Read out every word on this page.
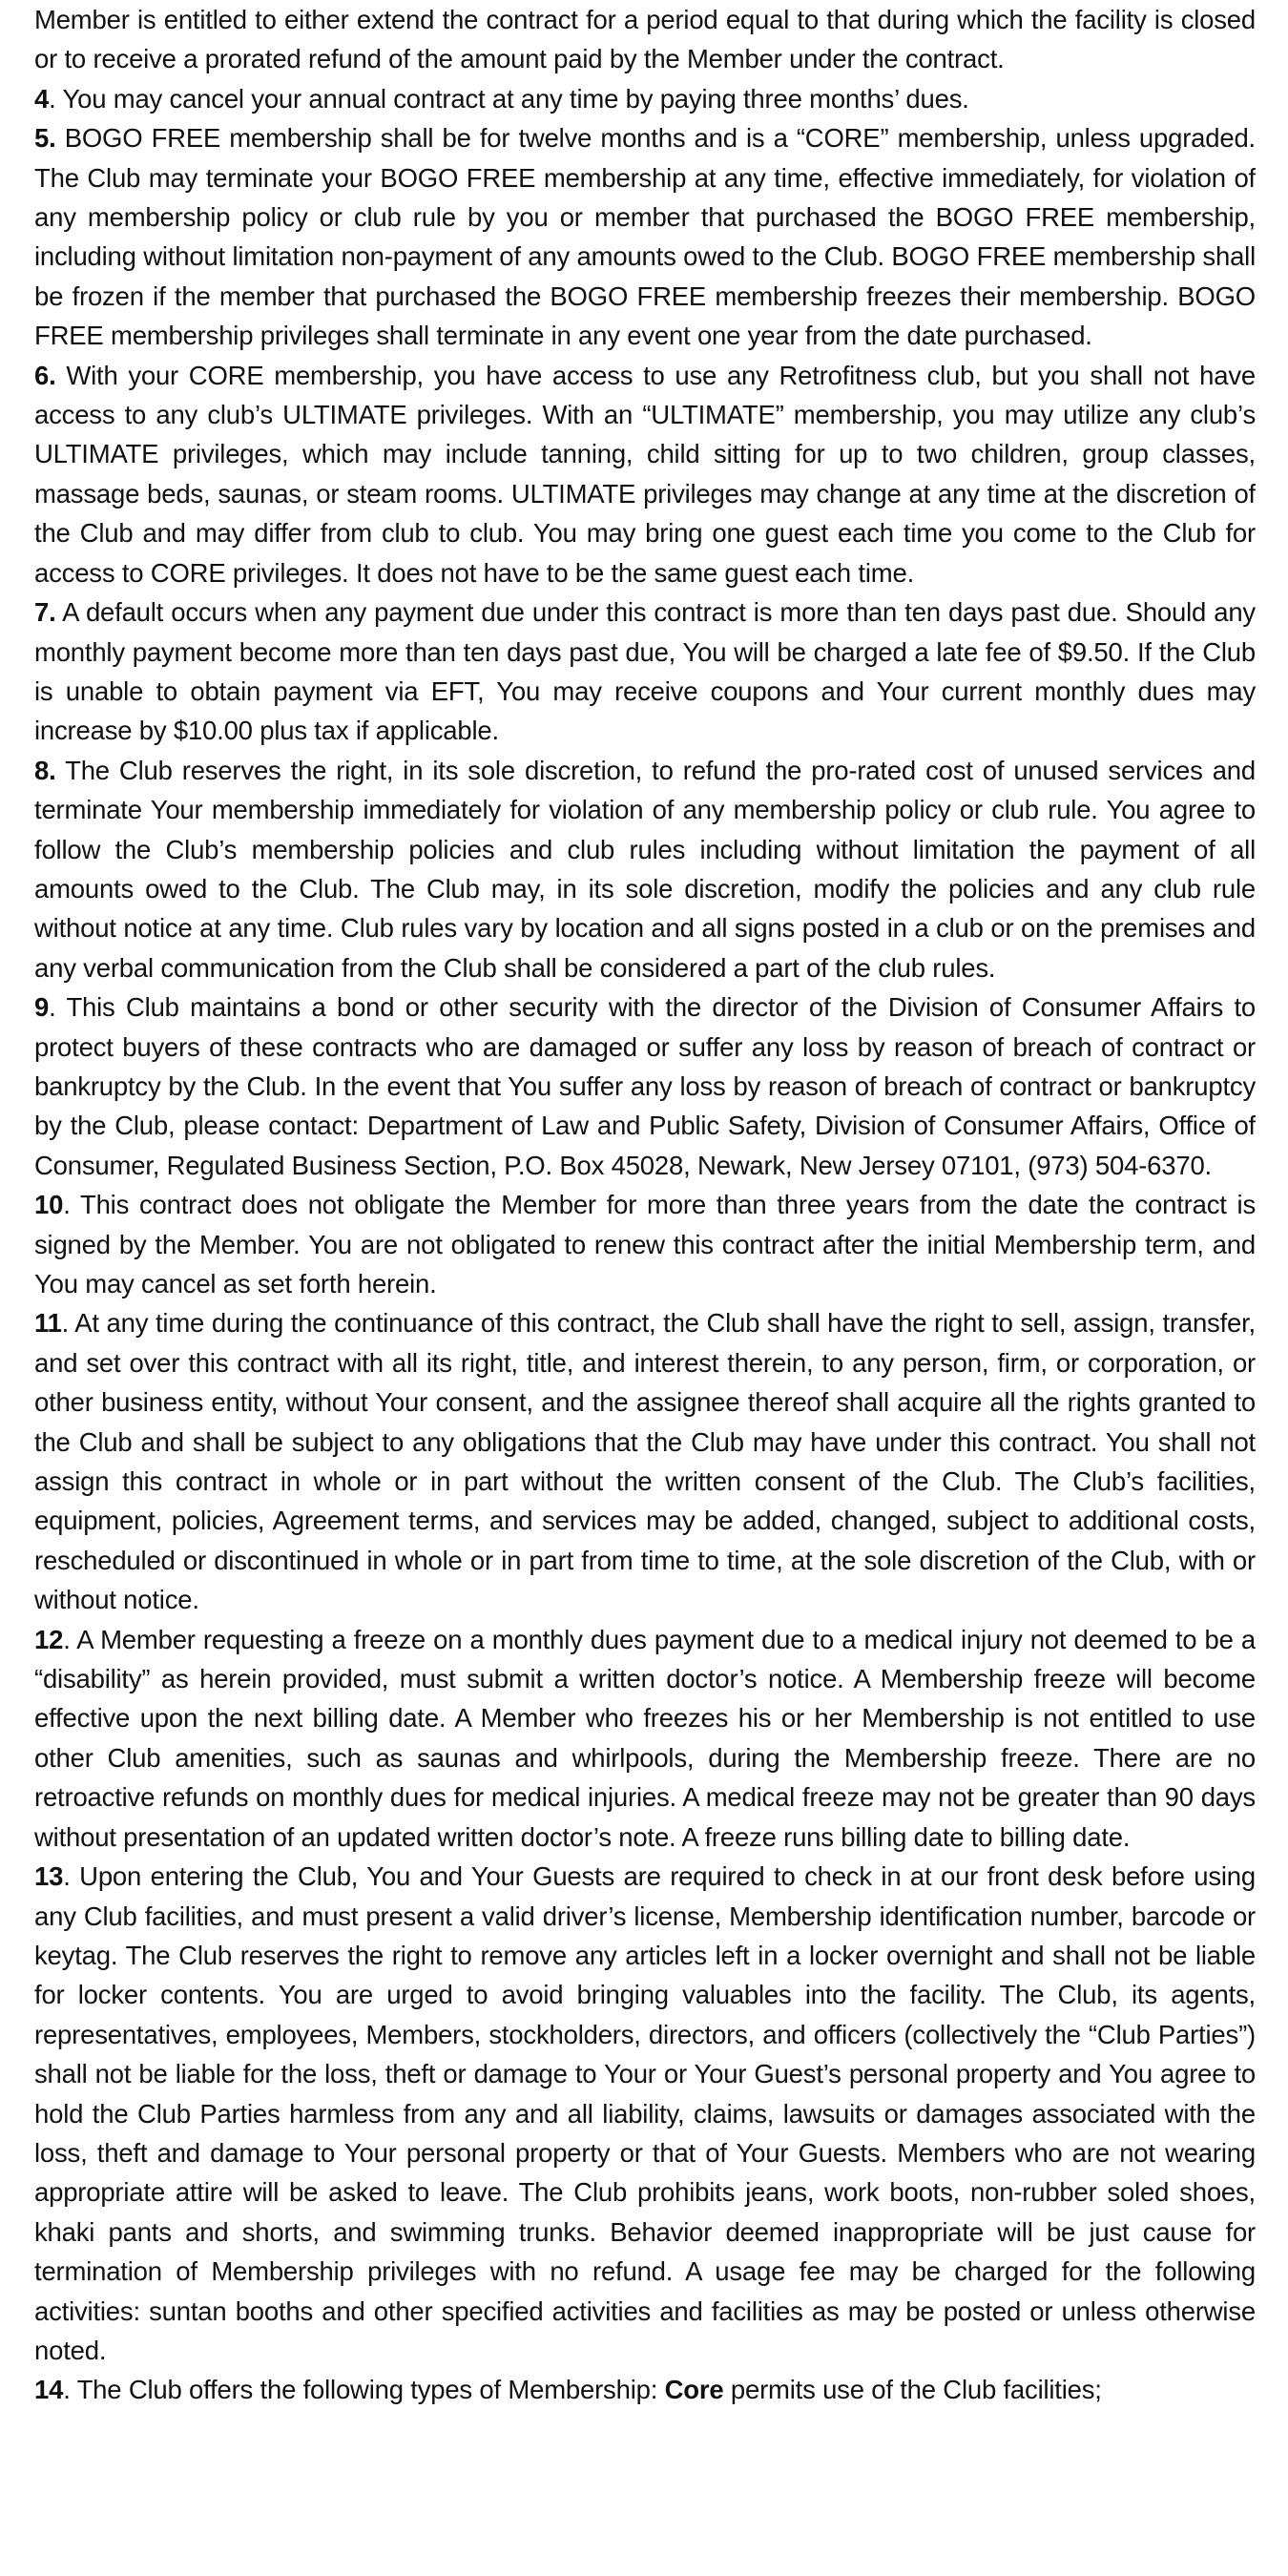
Member is entitled to either extend the contract for a period equal to that during which the facility is closed or to receive a prorated refund of the amount paid by the Member under the contract.

4. You may cancel your annual contract at any time by paying three months’ dues.

5. BOGO FREE membership shall be for twelve months and is a “CORE” membership, unless upgraded. The Club may terminate your BOGO FREE membership at any time, effective immediately, for violation of any membership policy or club rule by you or member that purchased the BOGO FREE membership, including without limitation non-payment of any amounts owed to the Club. BOGO FREE membership shall be frozen if the member that purchased the BOGO FREE membership freezes their membership. BOGO FREE membership privileges shall terminate in any event one year from the date purchased.

6. With your CORE membership, you have access to use any Retrofitness club, but you shall not have access to any club’s ULTIMATE privileges. With an “ULTIMATE” membership, you may utilize any club’s ULTIMATE privileges, which may include tanning, child sitting for up to two children, group classes, massage beds, saunas, or steam rooms. ULTIMATE privileges may change at any time at the discretion of the Club and may differ from club to club. You may bring one guest each time you come to the Club for access to CORE privileges. It does not have to be the same guest each time.

7. A default occurs when any payment due under this contract is more than ten days past due. Should any monthly payment become more than ten days past due, You will be charged a late fee of $9.50. If the Club is unable to obtain payment via EFT, You may receive coupons and Your current monthly dues may increase by $10.00 plus tax if applicable.

8. The Club reserves the right, in its sole discretion, to refund the pro-rated cost of unused services and terminate Your membership immediately for violation of any membership policy or club rule. You agree to follow the Club’s membership policies and club rules including without limitation the payment of all amounts owed to the Club. The Club may, in its sole discretion, modify the policies and any club rule without notice at any time. Club rules vary by location and all signs posted in a club or on the premises and any verbal communication from the Club shall be considered a part of the club rules.

9. This Club maintains a bond or other security with the director of the Division of Consumer Affairs to protect buyers of these contracts who are damaged or suffer any loss by reason of breach of contract or bankruptcy by the Club. In the event that You suffer any loss by reason of breach of contract or bankruptcy by the Club, please contact: Department of Law and Public Safety, Division of Consumer Affairs, Office of Consumer, Regulated Business Section, P.O. Box 45028, Newark, New Jersey 07101, (973) 504-6370.

10. This contract does not obligate the Member for more than three years from the date the contract is signed by the Member. You are not obligated to renew this contract after the initial Membership term, and You may cancel as set forth herein.

11. At any time during the continuance of this contract, the Club shall have the right to sell, assign, transfer, and set over this contract with all its right, title, and interest therein, to any person, firm, or corporation, or other business entity, without Your consent, and the assignee thereof shall acquire all the rights granted to the Club and shall be subject to any obligations that the Club may have under this contract. You shall not assign this contract in whole or in part without the written consent of the Club. The Club’s facilities, equipment, policies, Agreement terms, and services may be added, changed, subject to additional costs, rescheduled or discontinued in whole or in part from time to time, at the sole discretion of the Club, with or without notice.

12. A Member requesting a freeze on a monthly dues payment due to a medical injury not deemed to be a “disability” as herein provided, must submit a written doctor’s notice. A Membership freeze will become effective upon the next billing date. A Member who freezes his or her Membership is not entitled to use other Club amenities, such as saunas and whirlpools, during the Membership freeze. There are no retroactive refunds on monthly dues for medical injuries. A medical freeze may not be greater than 90 days without presentation of an updated written doctor’s note. A freeze runs billing date to billing date.

13. Upon entering the Club, You and Your Guests are required to check in at our front desk before using any Club facilities, and must present a valid driver’s license, Membership identification number, barcode or keytag. The Club reserves the right to remove any articles left in a locker overnight and shall not be liable for locker contents. You are urged to avoid bringing valuables into the facility. The Club, its agents, representatives, employees, Members, stockholders, directors, and officers (collectively the “Club Parties”) shall not be liable for the loss, theft or damage to Your or Your Guest’s personal property and You agree to hold the Club Parties harmless from any and all liability, claims, lawsuits or damages associated with the loss, theft and damage to Your personal property or that of Your Guests. Members who are not wearing appropriate attire will be asked to leave. The Club prohibits jeans, work boots, non-rubber soled shoes, khaki pants and shorts, and swimming trunks. Behavior deemed inappropriate will be just cause for termination of Membership privileges with no refund. A usage fee may be charged for the following activities: suntan booths and other specified activities and facilities as may be posted or unless otherwise noted.

14. The Club offers the following types of Membership: Core permits use of the Club facilities;
